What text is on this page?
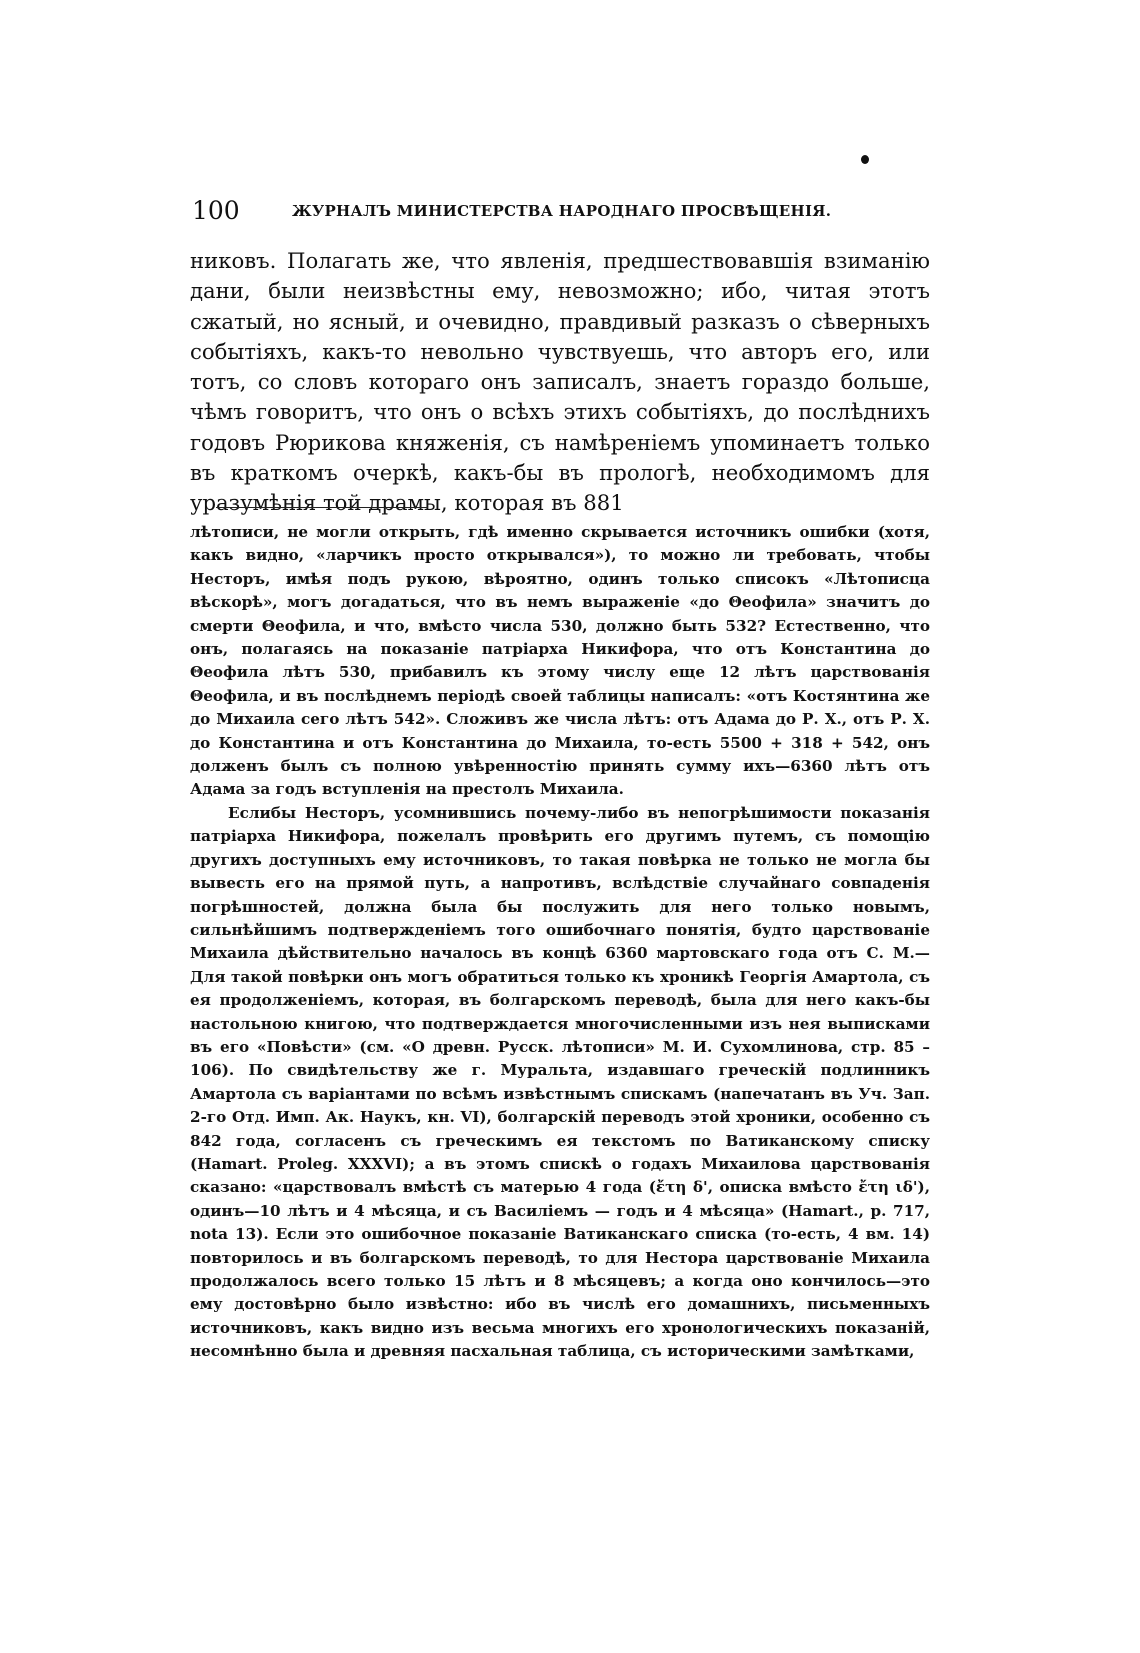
100	ЖУРНАЛЪ МИНИСТЕРСТВА НАРОДНАГО ПРОСВѢЩЕНІЯ.

никовъ. Полагать же, что явленія, предшествовавшія взиманію дани, были неизвѣстны ему, невозможно; ибо, читая этотъ сжатый, но ясный, и очевидно, правдивый разказъ о сѣверныхъ событіяхъ, какъ-то невольно чувствуешь, что авторъ его, или тотъ, со словъ котораго онъ записалъ, знаетъ гораздо больше, чѣмъ говоритъ, что онъ о всѣхъ этихъ событіяхъ, до послѣднихъ годовъ Рюрикова княженія, съ намѣреніемъ упоминаетъ только въ краткомъ очеркѣ, какъ-бы въ прологѣ, необходимомъ для уразумѣнія той драмы, которая въ 881

лѣтописи, не могли открыть, гдѣ именно скрывается источникъ ошибки (хотя, какъ видно, «ларчикъ просто открывался»), то можно ли требовать, чтобы Несторъ, имѣя подъ рукою, вѣроятно, одинъ только списокъ «Лѣтописца вѣскорѣ», могъ догадаться, что въ немъ выраженіе «до Θеофила» значитъ до смерти Θеофила, и что, вмѣсто числа 530, должно быть 532? Естественно, что онъ, полагаясь на показаніе патріарха Никифора, что отъ Константина до Θеофила лѣтъ 530, прибавилъ къ этому числу еще 12 лѣтъ царствованія Θеофила, и въ послѣднемъ періодѣ своей таблицы написалъ: «отъ Костянтина же до Михаила сего лѣтъ 542». Сложивъ же числа лѣтъ: отъ Адама до Р. Х., отъ Р. Х. до Константина и отъ Константина до Михаила, то-есть 5500 + 318 + 542, онъ долженъ былъ съ полною увѣренностію принять сумму ихъ—6360 лѣтъ отъ Адама за годъ вступленія на престолъ Михаила.

Еслибы Несторъ, усомнившись почему-либо въ непогрѣшимости показанія патріарха Никифора, пожелалъ провѣрить его другимъ путемъ, съ помощію другихъ доступныхъ ему источниковъ, то такая повѣрка не только не могла бы вывесть его на прямой путь, а напротивъ, вслѣдствіе случайнаго совпаденія погрѣшностей, должна была бы послужить для него только новымъ, сильнѣйшимъ подтвержденіемъ того ошибочнаго понятія, будто царствованіе Михаила дѣйствительно началось въ концѣ 6360 мартовскаго года отъ С. М.—Для такой повѣрки онъ могъ обратиться только къ хроникѣ Георгія Амартола, съ ея продолженіемъ, которая, въ болгарскомъ переводѣ, была для него какъ-бы настольною книгою, что подтверждается многочисленными изъ нея выписками въ его «Повѣсти» (см. «О древн. Русск. лѣтописи» М. И. Сухомлинова, стр. 85 – 106). По свидѣтельству же г. Муральта, издавшаго греческій подлинникъ Амартола съ варіантами по всѣмъ извѣстнымъ спискамъ (напечатанъ въ Уч. Зап. 2-го Отд. Имп. Ак. Наукъ, кн. VI), болгарскій переводъ этой хроники, особенно съ 842 года, согласенъ съ греческимъ ея текстомъ по Ватиканскому списку (Hamart. Proleg. XXXVI); а въ этомъ спискѣ о годахъ Михаилова царствованія сказано: «царствовалъ вмѣстѣ съ матерью 4 года (ἔτη δ', описка вмѣсто ἔτη ιδ'), одинъ—10 лѣтъ и 4 мѣсяца, и съ Василіемъ — годъ и 4 мѣсяца» (Hamart., p. 717, nota 13). Если это ошибочное показаніе Ватиканскаго списка (то-есть, 4 вм. 14) повторилось и въ болгарскомъ переводѣ, то для Нестора царствованіе Михаила продолжалось всего только 15 лѣтъ и 8 мѣсяцевъ; а когда оно кончилось—это ему достовѣрно было извѣстно: ибо въ числѣ его домашнихъ, письменныхъ источниковъ, какъ видно изъ весьма многихъ его хронологическихъ показаній, несомнѣнно была и древняя пасхальная таблица, съ историческими замѣтками,
